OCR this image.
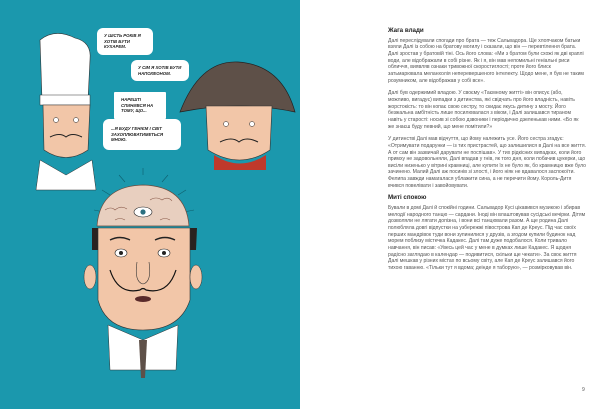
У ШІСТЬ РОКІВ Я ХОТІВ БУТИ КУХАРЕМ.
У СІМ Я ХОТІВ БУТИ НАПОЛЕОНОМ.
НАРЕШТІ СПИНИВСЯ НА ТОМУ, ЩО...
...Я БУДУ ГЕНІЄМ І СВІТ ЗАХОПЛЮВАТИМЕТЬСЯ МНОЮ.
Жага влади

Далі переслідували спогади про брата — теж Сальвадора. Ще хлопчаком батьки взяли Далі із собою на братову могилу і сказали, що він — перевтілення брата. Далі зростав у братовій тіні. Ось його слова: «Ми з братом були схожі як дві краплі води, але відображали в собі різне. Як і я, він мав непомильні геніальні риси обличчя, виявляв ознаки тривожної скоростиглості; проте його блиск затьмарювала меланхолія неперевершеного інтелекту. Щодо мене, я був не таким розумником, але відображав у собі все».

Далі був одержимий владою. У своєму «Таємному житті» він описує (або, можливо, вигадує) випадки з дитинства, які свідчать про його владність, навіть жорстокість: то він копає свою сестру, то скидає якусь дитину з мосту. Його безжальна амбітність лише посилювалася з віком, і Далі залишався тираном навіть у старості: носив зі собою дзвоники і періодично дзеленькав ними. «Бо як же знаєш буду певний, що мене помітили?»

У дитинстві Далі мав відчуття, що йому належить усе. Його сестра згадує: «Отримувати подарунки — із тих пристрастей, що залишилися в Далі на все життя. А от сам він зазвичай дарувати не поспішав». У тих рідкісних випадках, коли його примху не задовольняли, Далі впадав у гнів, як того дня, коли побачив цукерки, що висіли низенько у вітрині крамниці, але купити їх не було як, бо крамницю вже було зачинено. Малий Далі аж посинів зі злості, і його ніяк не вдавалося заспокоїти. Фелипа завжди намагалася ублажити сина, а не перечити йому. Король-Дитя вчився повелівати і завойовувати.

Миті спокою

Бували в домі Далі й спокійні години. Сальвадор Кусі цікавився музикою і збирав мелодії народного танцю — сардани. Іноді він влаштовував сусідські вечірки. Дітям дозволяли не лягати допізна, і вони всі танцювали разом. А ще родина Далі полюбляла довгі відпустки на узбережжі півострова Кап де Креус. Під час своїх перших мандрівок туди вони зупинилися у друзів, а згодом купили будинок над морем поблизу містечка Кадакес. Далі там дуже подобалося. Коли тривало навчання, він писав: «Увесь цей час у мене в думках лише Кадакес. Я щодня радісно заглядаю в календар — подивитися, скільки ще чекати». За своє життя Далі мешкав у різних містах по всьому світу, але Кап де Креус залишався його тихою гаванню. «Тільки тут я вдома; деінде я таборую», — розмірковував він.

9
